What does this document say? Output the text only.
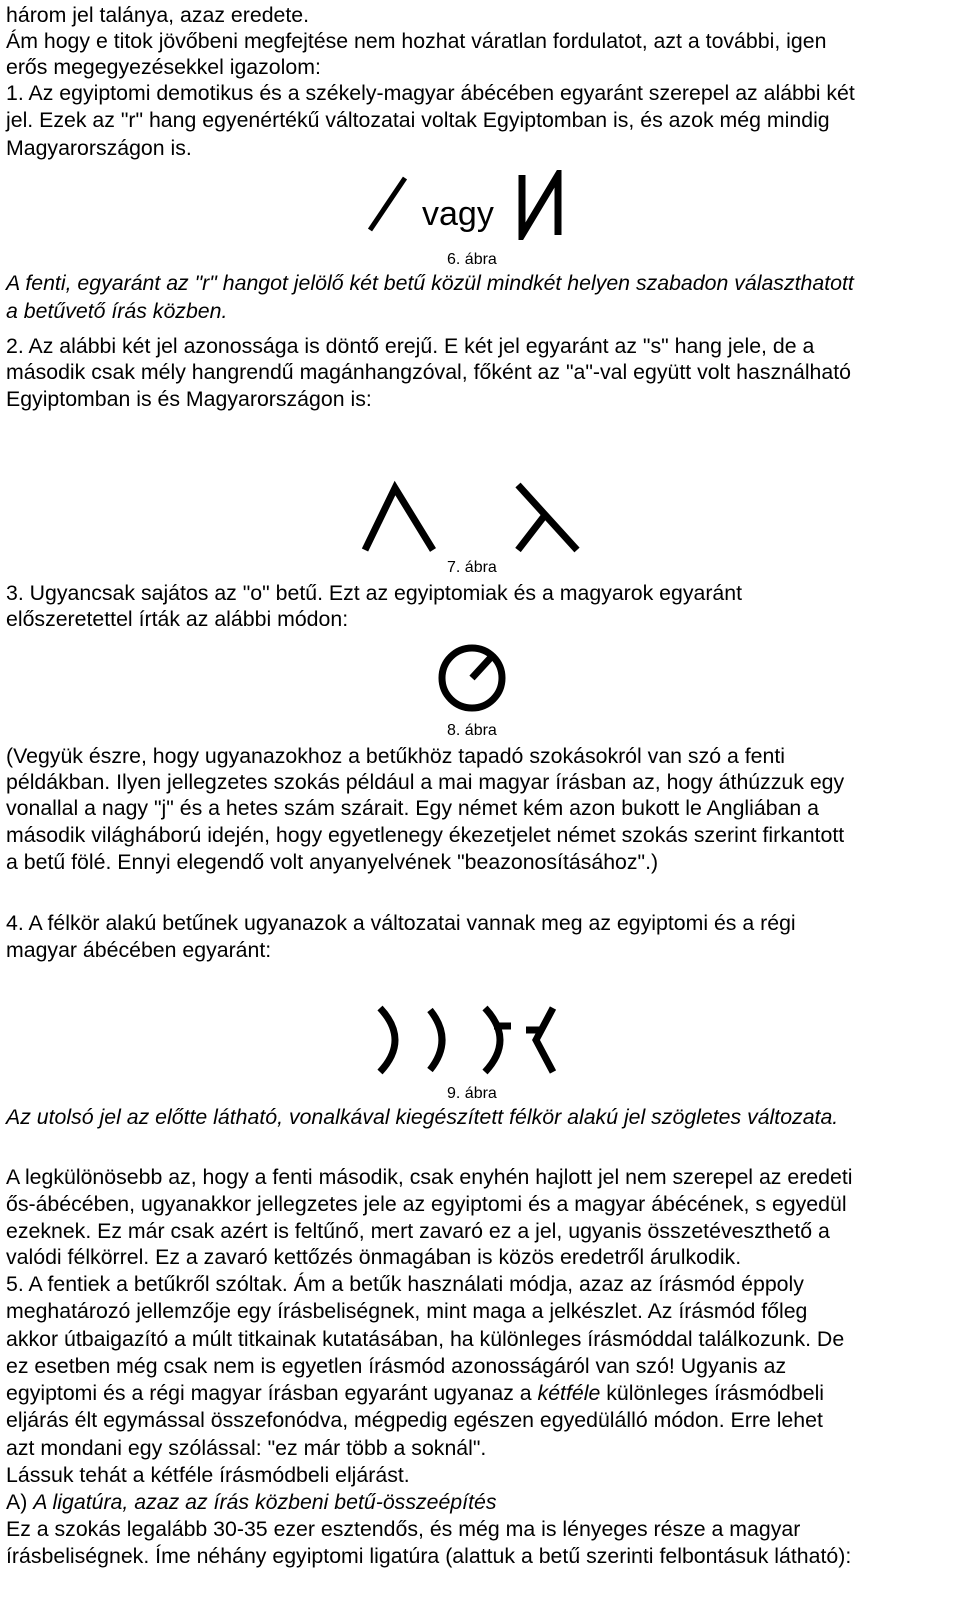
három jel talánya, azaz eredete.
Ám hogy e titok jövőbeni megfejtése nem hozhat váratlan fordulatot, azt a további, igen
erős megegyezésekkel igazolom:
1. Az egyiptomi demotikus és a székely-magyar ábécében egyaránt szerepel az alábbi két
jel. Ezek az "r" hang egyenértékű változatai voltak Egyiptomban is, és azok még mindig
Magyarországon is.
vagy
6. ábra
A fenti, egyaránt az "r" hangot jelölő két betű közül mindkét helyen szabadon választhatott
a betűvető írás közben.
2. Az alábbi két jel azonossága is döntő erejű. E két jel egyaránt az "s" hang jele, de a
második csak mély hangrendű magánhangzóval, főként az "a"-val együtt volt használható
Egyiptomban is és Magyarországon is:
7. ábra
3. Ugyancsak sajátos az "o" betű. Ezt az egyiptomiak és a magyarok egyaránt
előszeretettel írták az alábbi módon:
8. ábra
(Vegyük észre, hogy ugyanazokhoz a betűkhöz tapadó szokásokról van szó a fenti
példákban. Ilyen jellegzetes szokás például a mai magyar írásban az, hogy áthúzzuk egy
vonallal a nagy "j" és a hetes szám szárait. Egy német kém azon bukott le Angliában a
második világháború idején, hogy egyetlenegy ékezetjelet német szokás szerint firkantott
a betű fölé. Ennyi elegendő volt anyanyelvének "beazonosításához".)
4. A félkör alakú betűnek ugyanazok a változatai vannak meg az egyiptomi és a régi
magyar ábécében egyaránt:
9. ábra
Az utolsó jel az előtte látható, vonalkával kiegészített félkör alakú jel szögletes változata.
A legkülönösebb az, hogy a fenti második, csak enyhén hajlott jel nem szerepel az eredeti
ős-ábécében, ugyanakkor jellegzetes jele az egyiptomi és a magyar ábécének, s egyedül
ezeknek. Ez már csak azért is feltűnő, mert zavaró ez a jel, ugyanis összetéveszthető a
valódi félkörrel. Ez a zavaró kettőzés önmagában is közös eredetről árulkodik.
5. A fentiek a betűkről szóltak. Ám a betűk használati módja, azaz az írásmód éppoly
meghatározó jellemzője egy írásbeliségnek, mint maga a jelkészlet. Az írásmód főleg
akkor útbaigazító a múlt titkainak kutatásában, ha különleges írásmóddal találkozunk. De
ez esetben még csak nem is egyetlen írásmód azonosságáról van szó! Ugyanis az
egyiptomi és a régi magyar írásban egyaránt ugyanaz a kétféle különleges írásmódbeli
eljárás élt egymással összefonódva, mégpedig egészen egyedülálló módon. Erre lehet
azt mondani egy szólással: "ez már több a soknál".
Lássuk tehát a kétféle írásmódbeli eljárást.
A) A ligatúra, azaz az írás közbeni betű-összeépítés
Ez a szokás legalább 30-35 ezer esztendős, és még ma is lényeges része a magyar
írásbeliségnek. Íme néhány egyiptomi ligatúra (alattuk a betű szerinti felbontásuk látható):
